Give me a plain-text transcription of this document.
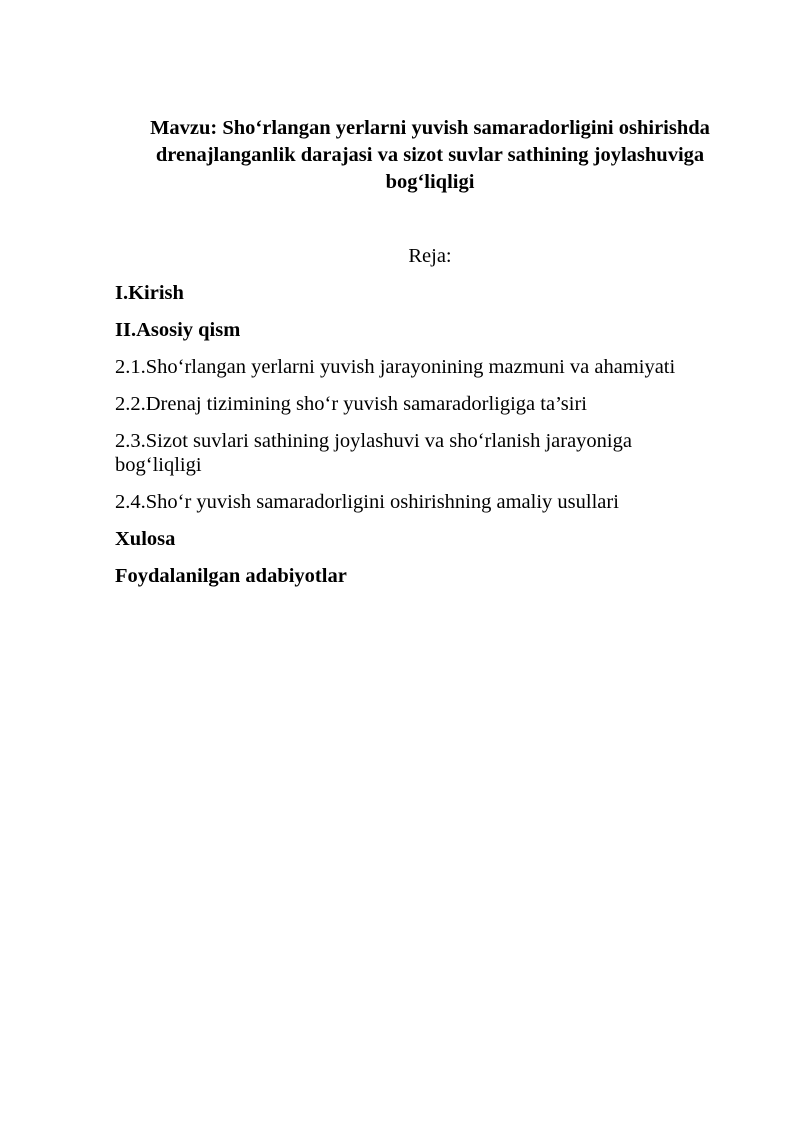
Mavzu: Sho‘rlangan yerlarni yuvish samaradorligini oshirishda
drenajlanganlik darajasi va sizot suvlar sathining joylashuviga
bog‘liqligi
Reja:
I.Kirish
II.Asosiy qism
2.1.Sho‘rlangan yerlarni yuvish jarayonining mazmuni va ahamiyati
2.2.Drenaj tizimining sho‘r yuvish samaradorligiga ta’siri
2.3.Sizot suvlari sathining joylashuvi va sho‘rlanish jarayoniga bog‘liqligi
2.4.Sho‘r yuvish samaradorligini oshirishning amaliy usullari
Xulosa
Foydalanilgan adabiyotlar
